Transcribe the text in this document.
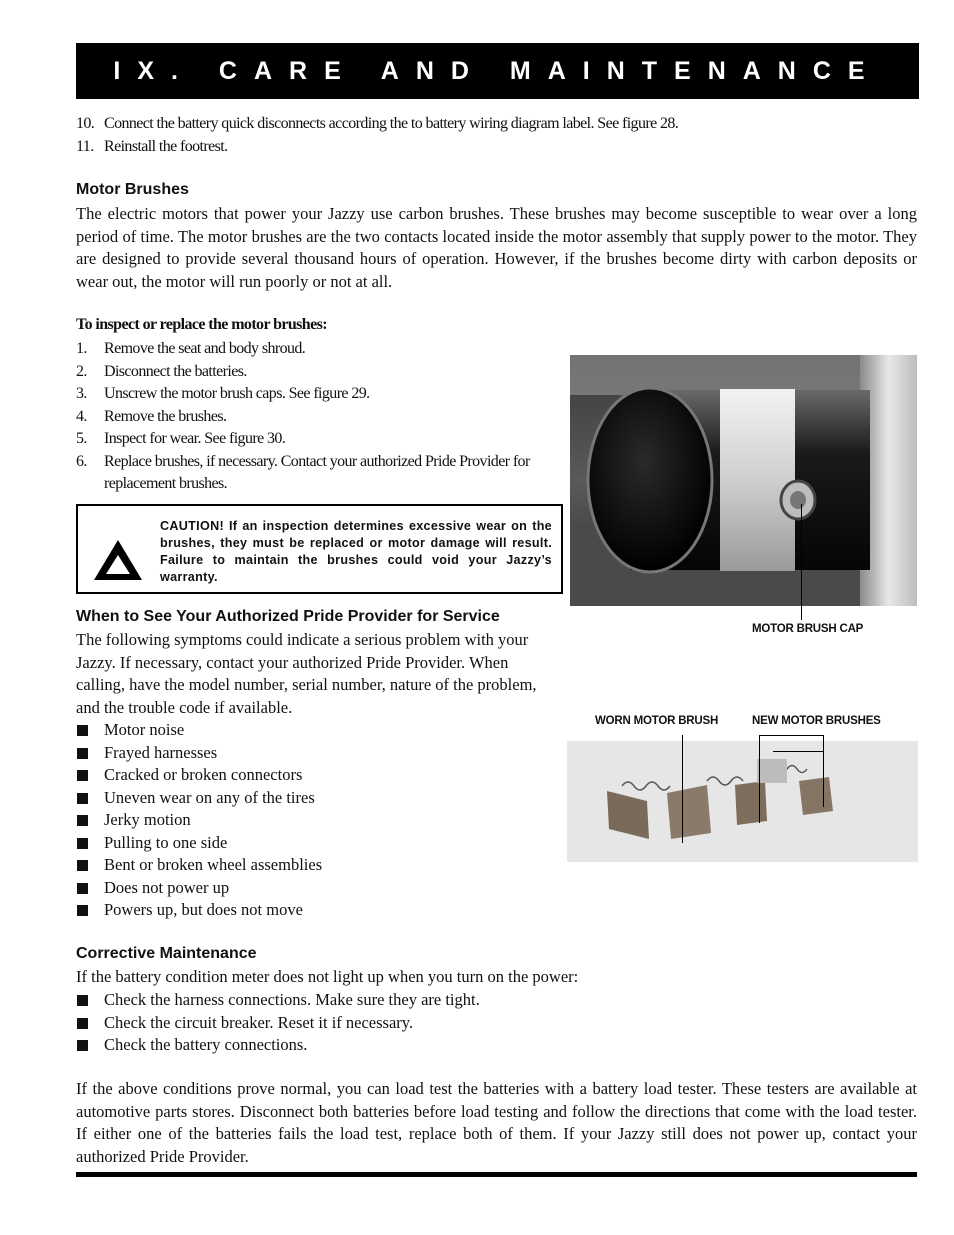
IX. CARE AND MAINTENANCE
10. Connect the battery quick disconnects according the to battery wiring diagram label. See figure 28.
11. Reinstall the footrest.
Motor Brushes

The electric motors that power your Jazzy use carbon brushes. These brushes may become susceptible to wear over a long period of time. The motor brushes are the two contacts located inside the motor assembly that supply power to the motor. They are designed to provide several thousand hours of operation. However, if the brushes become dirty with carbon deposits or wear out, the motor will run poorly or not at all.

To inspect or replace the motor brushes:
1. Remove the seat and body shroud.
2. Disconnect the batteries.
3. Unscrew the motor brush caps. See figure 29.
4. Remove the brushes.
5. Inspect for wear. See figure 30.
6. Replace brushes, if necessary. Contact your authorized Pride Provider for replacement brushes.
CAUTION! If an inspection determines excessive wear on the brushes, they must be replaced or motor damage will result. Failure to maintain the brushes could void your Jazzy’s warranty.
MOTOR BRUSH CAP
WORN MOTOR BRUSH	NEW MOTOR BRUSHES
When to See Your Authorized Pride Provider for Service

The following symptoms could indicate a serious problem with your Jazzy. If necessary, contact your authorized Pride Provider. When calling, have the model number, serial number, nature of the problem, and the trouble code if available.

Motor noise
Frayed harnesses
Cracked or broken connectors
Uneven wear on any of the tires
Jerky motion
Pulling to one side
Bent or broken wheel assemblies
Does not power up
Powers up, but does not move
Corrective Maintenance

If the battery condition meter does not light up when you turn on the power:

Check the harness connections. Make sure they are tight.
Check the circuit breaker. Reset it if necessary.
Check the battery connections.

If the above conditions prove normal, you can load test the batteries with a battery load tester. These testers are available at automotive parts stores. Disconnect both batteries before load testing and follow the directions that come with the load tester. If either one of the batteries fails the load test, replace both of them. If your Jazzy still does not power up, contact your authorized Pride Provider.
